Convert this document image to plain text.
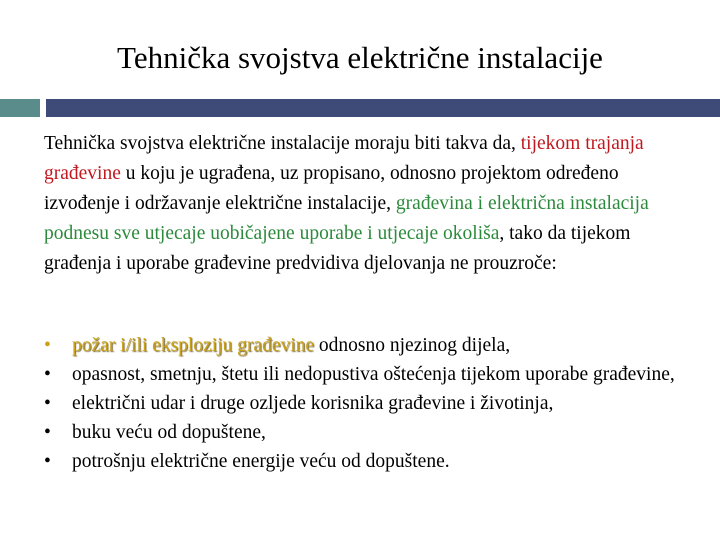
Tehnička svojstva električne instalacije
Tehnička svojstva električne instalacije moraju biti takva da, tijekom trajanja građevine u koju je ugrađena, uz propisano, odnosno projektom određeno izvođenje i održavanje električne instalacije, građevina i električna instalacija podnesu sve utjecaje uobičajene uporabe i utjecaje okoliša, tako da tijekom građenja i uporabe građevine predvidiva djelovanja ne prouzroče:
• požar i/ili eksploziju građevine odnosno njezinog dijela,
• opasnost, smetnju, štetu ili nedopustiva oštećenja tijekom uporabe građevine,
• električni udar i druge ozljede korisnika građevine i životinja,
• buku veću od dopuštene,
• potrošnju električne energije veću od dopuštene.
